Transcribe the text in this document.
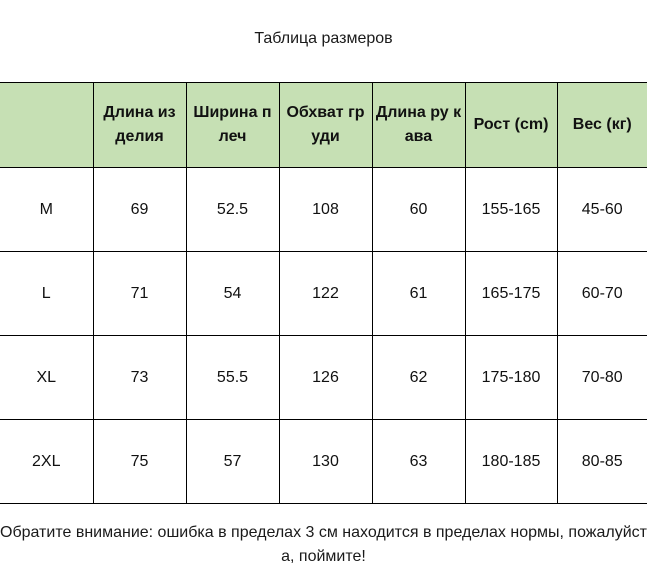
Таблица размеров
	Длина из делия	Ширина п леч	Обхват гр уди	Длина ру кава	Рост (cm)	Вес (кг)
M	69	52.5	108	60	155-165	45-60
L	71	54	122	61	165-175	60-70
XL	73	55.5	126	62	175-180	70-80
2XL	75	57	130	63	180-185	80-85
Обратите внимание: ошибка в пределах 3 см находится в пределах нормы, пожалуйста, поймите!
